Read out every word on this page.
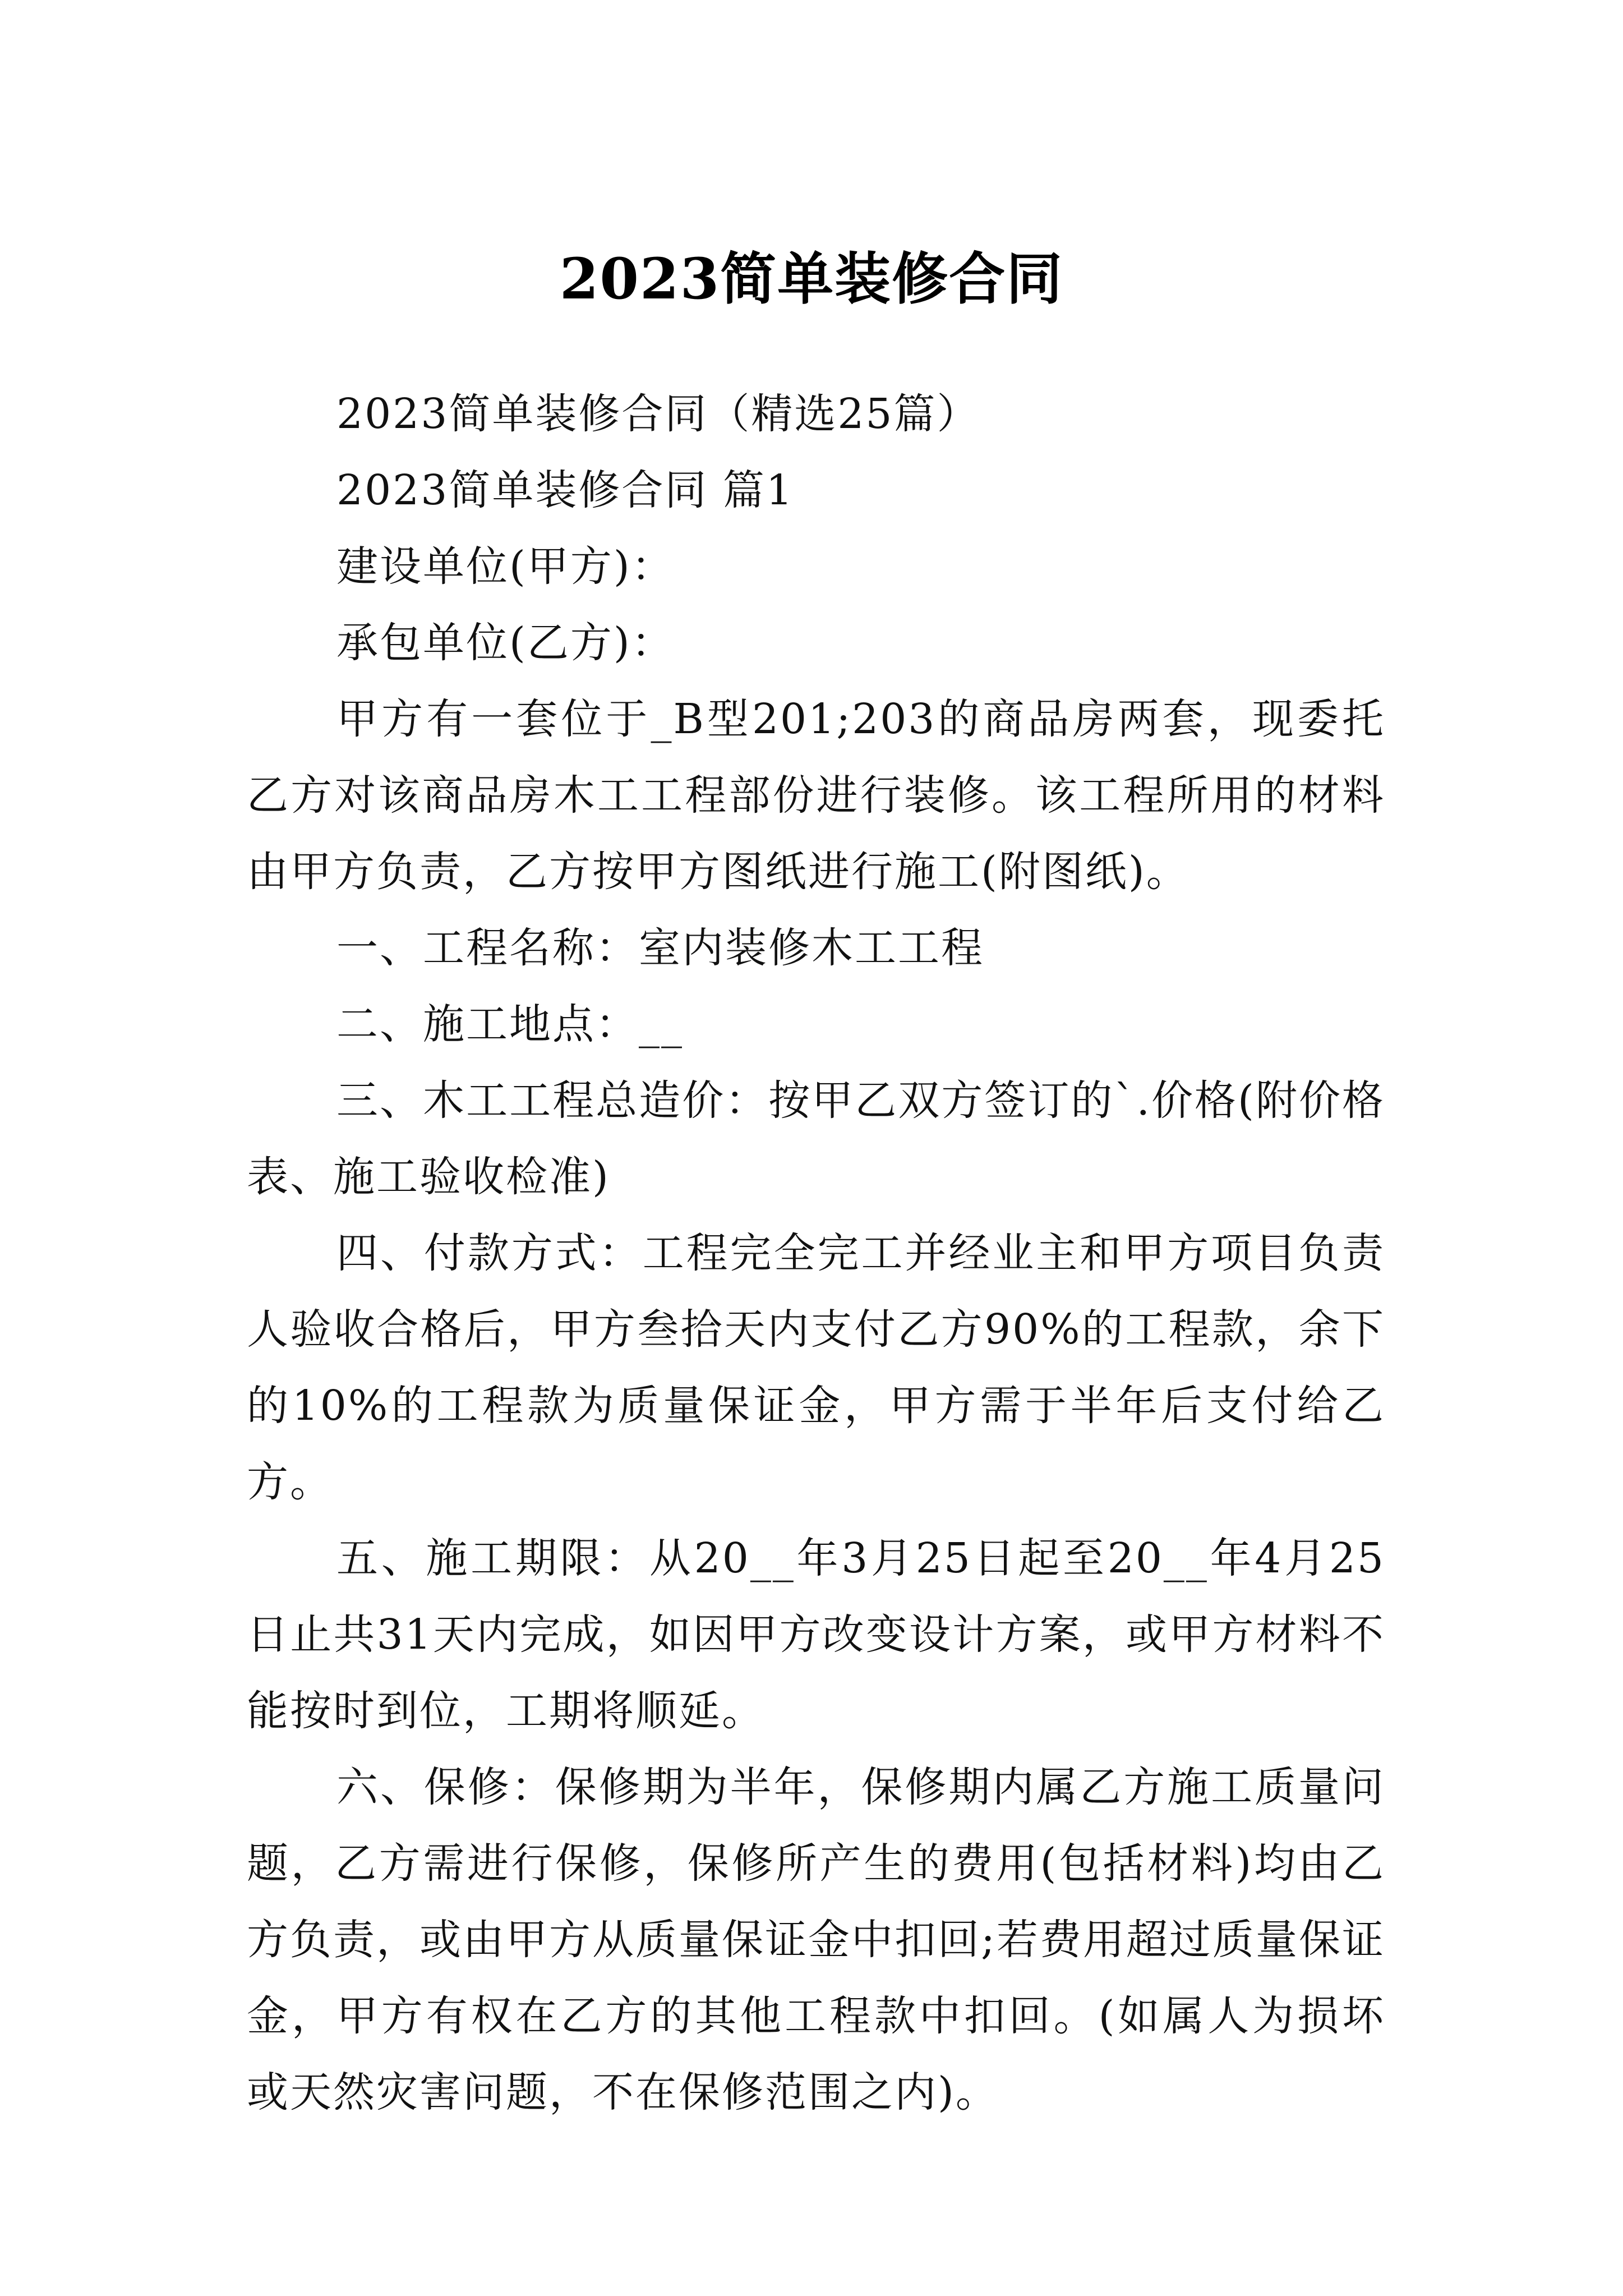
2023简单装修合同

2023简单装修合同（精选25篇）

2023简单装修合同 篇1

建设单位(甲方)：

承包单位(乙方)：

甲方有一套位于_B型201;203的商品房两套，现委托乙方对该商品房木工工程部份进行装修。该工程所用的材料由甲方负责，乙方按甲方图纸进行施工(附图纸)。

一、工程名称：室内装修木工工程

二、施工地点：__

三、木工工程总造价：按甲乙双方签订的`.价格(附价格表、施工验收检准)

四、付款方式：工程完全完工并经业主和甲方项目负责人验收合格后，甲方叁拾天内支付乙方90%的工程款，余下的10%的工程款为质量保证金，甲方需于半年后支付给乙方。

五、施工期限：从20__年3月25日起至20__年4月25日止共31天内完成，如因甲方改变设计方案，或甲方材料不能按时到位，工期将顺延。

六、保修：保修期为半年，保修期内属乙方施工质量问题，乙方需进行保修，保修所产生的费用(包括材料)均由乙方负责，或由甲方从质量保证金中扣回;若费用超过质量保证金，甲方有权在乙方的其他工程款中扣回。(如属人为损坏或天然灾害问题，不在保修范围之内)。
